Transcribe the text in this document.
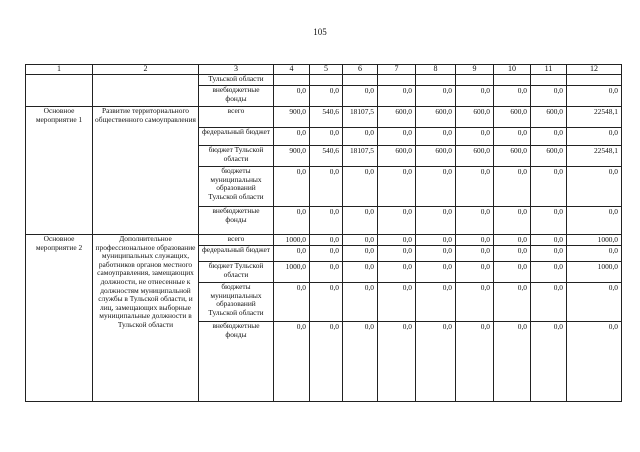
105
1	2	3	4	5	6	7	8	9	10	11	12
		Тульской области									
		внебюджетные фонды	0,0	0,0	0,0	0,0	0,0	0,0	0,0	0,0	0,0
Основное мероприятие 1	Развитие территориального общественного самоуправления	всего	900,0	540,6	18107,5	600,0	600,0	600,0	600,0	600,0	22548,1
		федеральный бюджет	0,0	0,0	0,0	0,0	0,0	0,0	0,0	0,0	0,0
		бюджет Тульской области	900,0	540,6	18107,5	600,0	600,0	600,0	600,0	600,0	22548,1
		бюджеты муниципальных образований Тульской области	0,0	0,0	0,0	0,0	0,0	0,0	0,0	0,0	0,0
		внебюджетные фонды	0,0	0,0	0,0	0,0	0,0	0,0	0,0	0,0	0,0
Основное мероприятие 2	Дополнительное профессиональное образование муниципальных служащих, работников органов местного самоуправления, замещающих должности, не отнесенные к должностям муниципальной службы в Тульской области, и лиц, замещающих выборные муниципальные должности в Тульской области	всего	1000,0	0,0	0,0	0,0	0,0	0,0	0,0	0,0	1000,0
		федеральный бюджет	0,0	0,0	0,0	0,0	0,0	0,0	0,0	0,0	0,0
		бюджет Тульской области	1000,0	0,0	0,0	0,0	0,0	0,0	0,0	0,0	1000,0
		бюджеты муниципальных образований Тульской области	0,0	0,0	0,0	0,0	0,0	0,0	0,0	0,0	0,0
		внебюджетные фонды	0,0	0,0	0,0	0,0	0,0	0,0	0,0	0,0	0,0
